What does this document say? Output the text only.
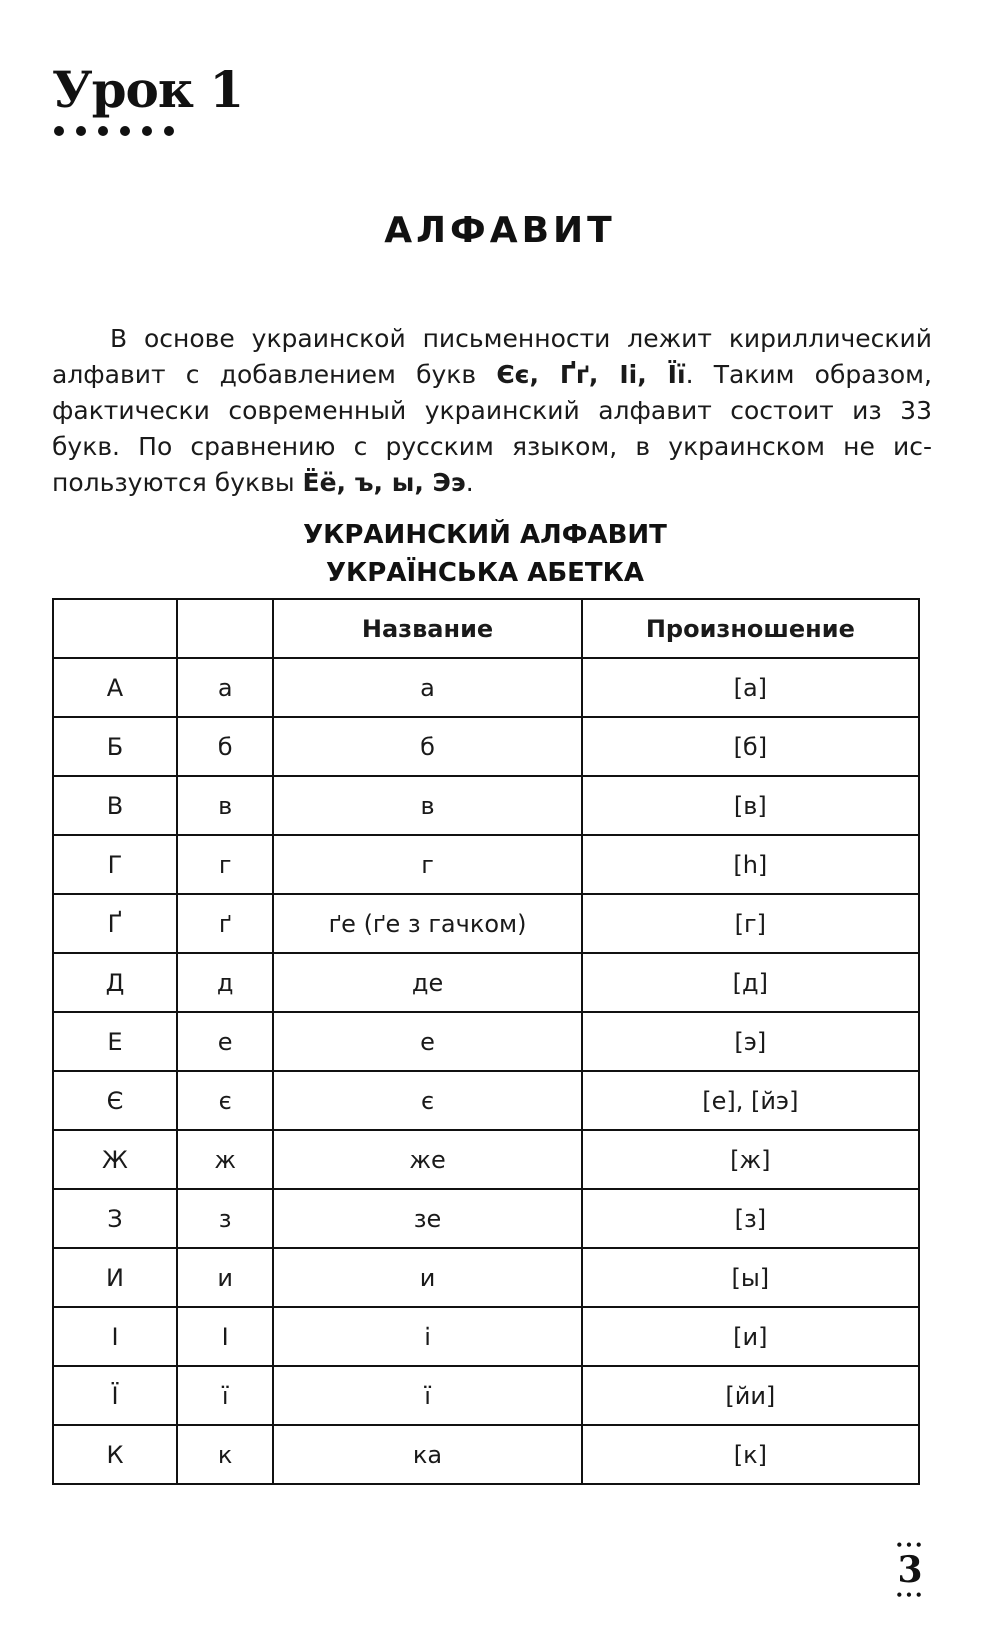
Урок 1
АЛФАВИТ

В основе украинской письменности лежит кириллический алфавит с добавлением букв Єє, Ґґ, Іі, Її. Таким образом, фактически современный украинский алфавит состоит из 33 букв. По сравнению с русским языком, в украинском не используются буквы Ёё, ъ, ы, Ээ.

УКРАИНСКИЙ АЛФАВИТ
УКРАЇНСЬКА АБЕТКА
		Название	Произношение
А	а	а	[а]
Б	б	б	[б]
В	в	в	[в]
Г	г	г	[h]
Ґ	ґ	ґе (ґе з гачком)	[г]
Д	д	де	[д]
Е	е	е	[э]
Є	є	є	[е], [йэ]
Ж	ж	же	[ж]
З	з	зе	[з]
И	и	и	[ы]
І	І	і	[и]
Ї	ї	ї	[йи]
К	к	ка	[к]
•••
3
•••
